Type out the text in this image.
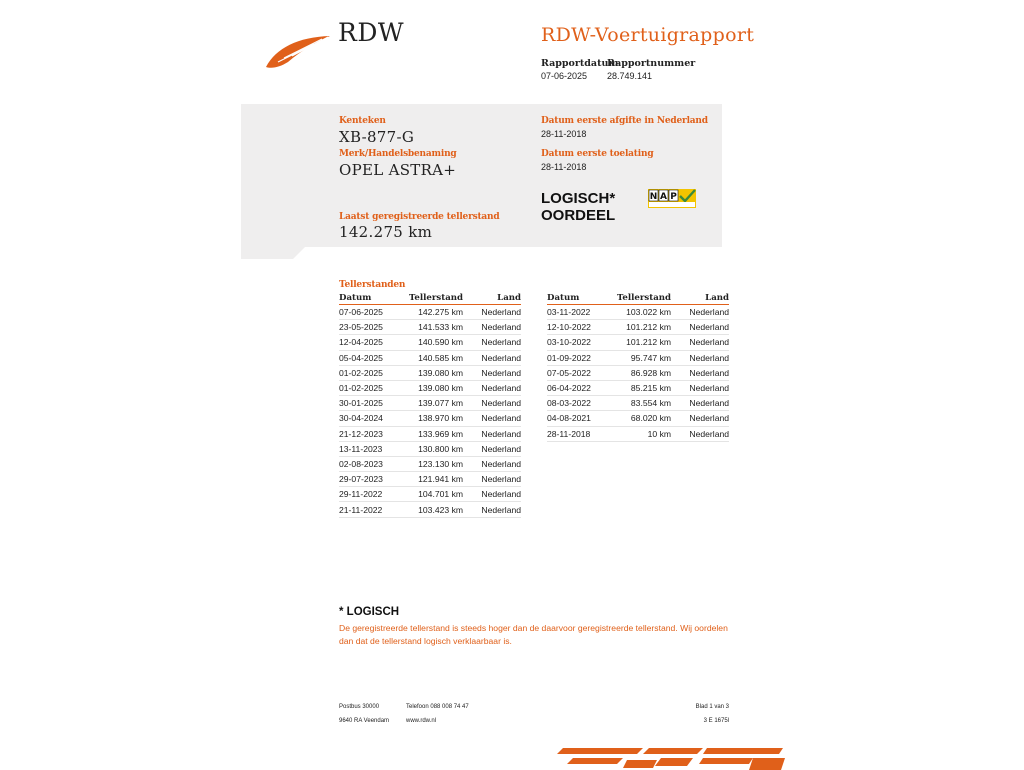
RDW	RDW-Voertuigrapport
Rapportdatum
07-06-2025
Rapportnummer
28.749.141
Kenteken
XB-877-G
Merk/Handelsbenaming
OPEL ASTRA+
Laatst geregistreerde tellerstand
142.275 km
Datum eerste afgifte in Nederland
28-11-2018
Datum eerste toelating
28-11-2018
LOGISCH*
OORDEEL
N A P
Tellerstanden
Datum	Tellerstand	Land
07-06-2025	142.275 km	Nederland
23-05-2025	141.533 km	Nederland
12-04-2025	140.590 km	Nederland
05-04-2025	140.585 km	Nederland
01-02-2025	139.080 km	Nederland
01-02-2025	139.080 km	Nederland
30-01-2025	139.077 km	Nederland
30-04-2024	138.970 km	Nederland
21-12-2023	133.969 km	Nederland
13-11-2023	130.800 km	Nederland
02-08-2023	123.130 km	Nederland
29-07-2023	121.941 km	Nederland
29-11-2022	104.701 km	Nederland
21-11-2022	103.423 km	Nederland
Datum	Tellerstand	Land
03-11-2022	103.022 km	Nederland
12-10-2022	101.212 km	Nederland
03-10-2022	101.212 km	Nederland
01-09-2022	95.747 km	Nederland
07-05-2022	86.928 km	Nederland
06-04-2022	85.215 km	Nederland
08-03-2022	83.554 km	Nederland
04-08-2021	68.020 km	Nederland
28-11-2018	10 km	Nederland
* LOGISCH
De geregistreerde tellerstand is steeds hoger dan de daarvoor geregistreerde tellerstand. Wij oordelen dan dat de tellerstand logisch verklaarbaar is.
Postbus 30000
9640 RA Veendam
Telefoon 088 008 74 47
www.rdw.nl
Blad 1 van 3
3 E 1675l
